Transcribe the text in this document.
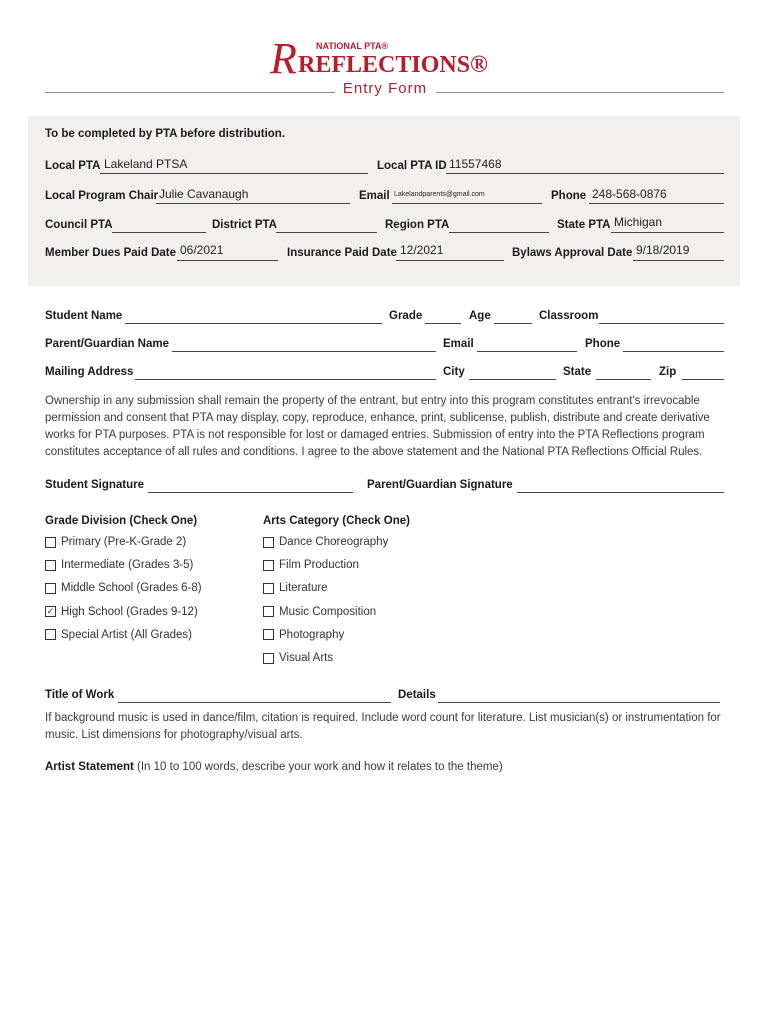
R NATIONAL PTA®
REFLECTIONS®
Entry Form
To be completed by PTA before distribution.
Local PTA Lakeland PTSA	Local PTA ID 11557468
Local Program Chair Julie Cavanaugh	Email Lakelandparents@gmail.com	Phone 248-568-0876
Council PTA	District PTA	Region PTA	State PTA Michigan
Member Dues Paid Date 06/2021	Insurance Paid Date 12/2021	Bylaws Approval Date 9/18/2019
Student Name	Grade	Age	Classroom
Parent/Guardian Name	Email	Phone
Mailing Address	City	State	Zip
Ownership in any submission shall remain the property of the entrant, but entry into this program constitutes entrant's irrevocable permission and consent that PTA may display, copy, reproduce, enhance, print, sublicense, publish, distribute and create derivative works for PTA purposes. PTA is not responsible for lost or damaged entries. Submission of entry into the PTA Reflections program constitutes acceptance of all rules and conditions. I agree to the above statement and the National PTA Reflections Official Rules.
Student Signature	Parent/Guardian Signature
Grade Division (Check One)	Arts Category (Check One)
Primary (Pre-K-Grade 2)
Intermediate (Grades 3-5)
Middle School (Grades 6-8)
✓ High School (Grades 9-12)
Special Artist (All Grades)
Dance Choreography
Film Production
Literature
Music Composition
Photography
Visual Arts
Title of Work	Details
If background music is used in dance/film, citation is required. Include word count for literature. List musician(s) or instrumentation for music. List dimensions for photography/visual arts.
Artist Statement (In 10 to 100 words, describe your work and how it relates to the theme)
